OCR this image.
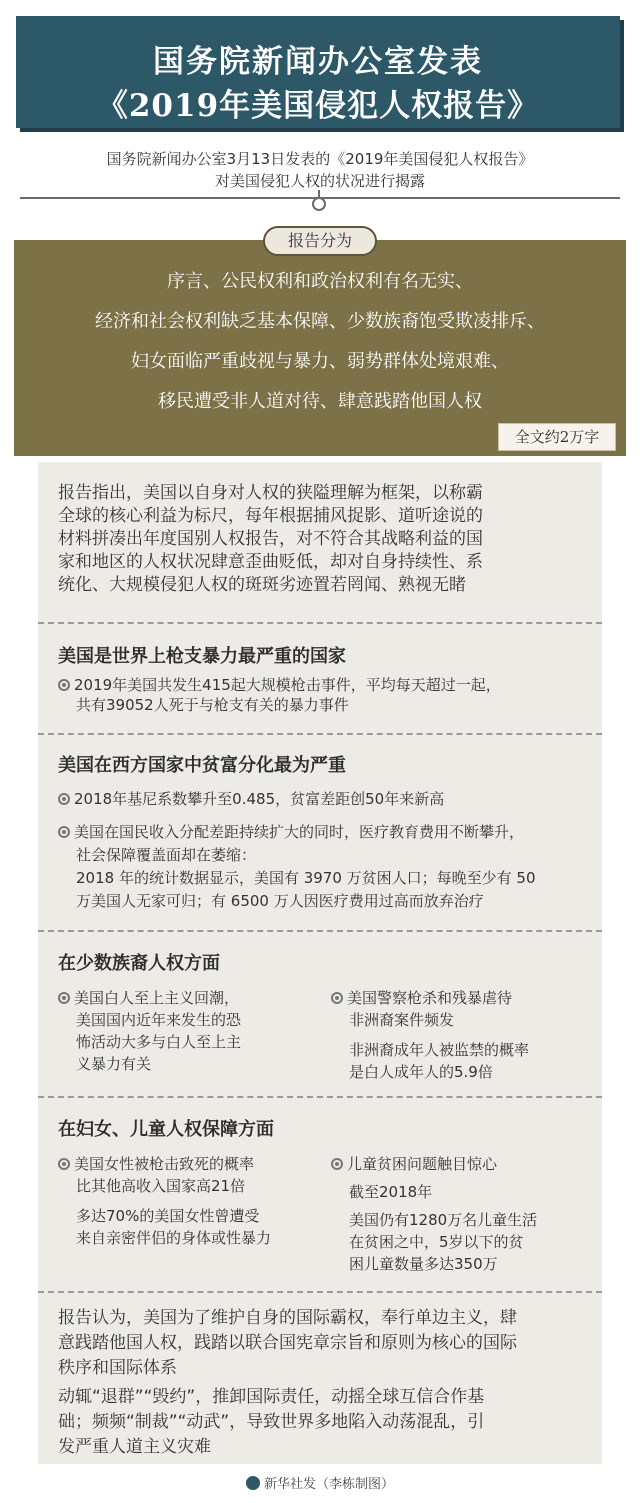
国务院新闻办公室发表
《2019年美国侵犯人权报告》
国务院新闻办公室3月13日发表的《2019年美国侵犯人权报告》
对美国侵犯人权的状况进行揭露
报告分为
序言、公民权利和政治权利有名无实、
经济和社会权利缺乏基本保障、少数族裔饱受欺凌排斥、
妇女面临严重歧视与暴力、弱势群体处境艰难、
移民遭受非人道对待、肆意践踏他国人权
全文约2万字
报告指出，美国以自身对人权的狭隘理解为框架，以称霸
全球的核心利益为标尺，每年根据捕风捉影、道听途说的
材料拼凑出年度国别人权报告，对不符合其战略利益的国
家和地区的人权状况肆意歪曲贬低，却对自身持续性、系
统化、大规模侵犯人权的斑斑劣迹置若罔闻、熟视无睹
美国是世界上枪支暴力最严重的国家
2019年美国共发生415起大规模枪击事件，平均每天超过一起，
共有39052人死于与枪支有关的暴力事件
美国在西方国家中贫富分化最为严重
2018年基尼系数攀升至0.485，贫富差距创50年来新高
美国在国民收入分配差距持续扩大的同时，医疗教育费用不断攀升，
社会保障覆盖面却在萎缩：
2018 年的统计数据显示，美国有 3970 万贫困人口；每晚至少有 50
万美国人无家可归；有 6500 万人因医疗费用过高而放弃治疗
在少数族裔人权方面
美国白人至上主义回潮，
美国国内近年来发生的恐
怖活动大多与白人至上主
义暴力有关
美国警察枪杀和残暴虐待
非洲裔案件频发
非洲裔成年人被监禁的概率
是白人成年人的5.9倍
在妇女、儿童人权保障方面
美国女性被枪击致死的概率
比其他高收入国家高21倍
多达70%的美国女性曾遭受
来自亲密伴侣的身体或性暴力
儿童贫困问题触目惊心
截至2018年
美国仍有1280万名儿童生活
在贫困之中，5岁以下的贫
困儿童数量多达350万
报告认为，美国为了维护自身的国际霸权，奉行单边主义，肆
意践踏他国人权，践踏以联合国宪章宗旨和原则为核心的国际
秩序和国际体系
动辄“退群”“毁约”，推卸国际责任，动摇全球互信合作基
础；频频“制裁”“动武”，导致世界多地陷入动荡混乱，引
发严重人道主义灾难
新华社发（李栋制图）
